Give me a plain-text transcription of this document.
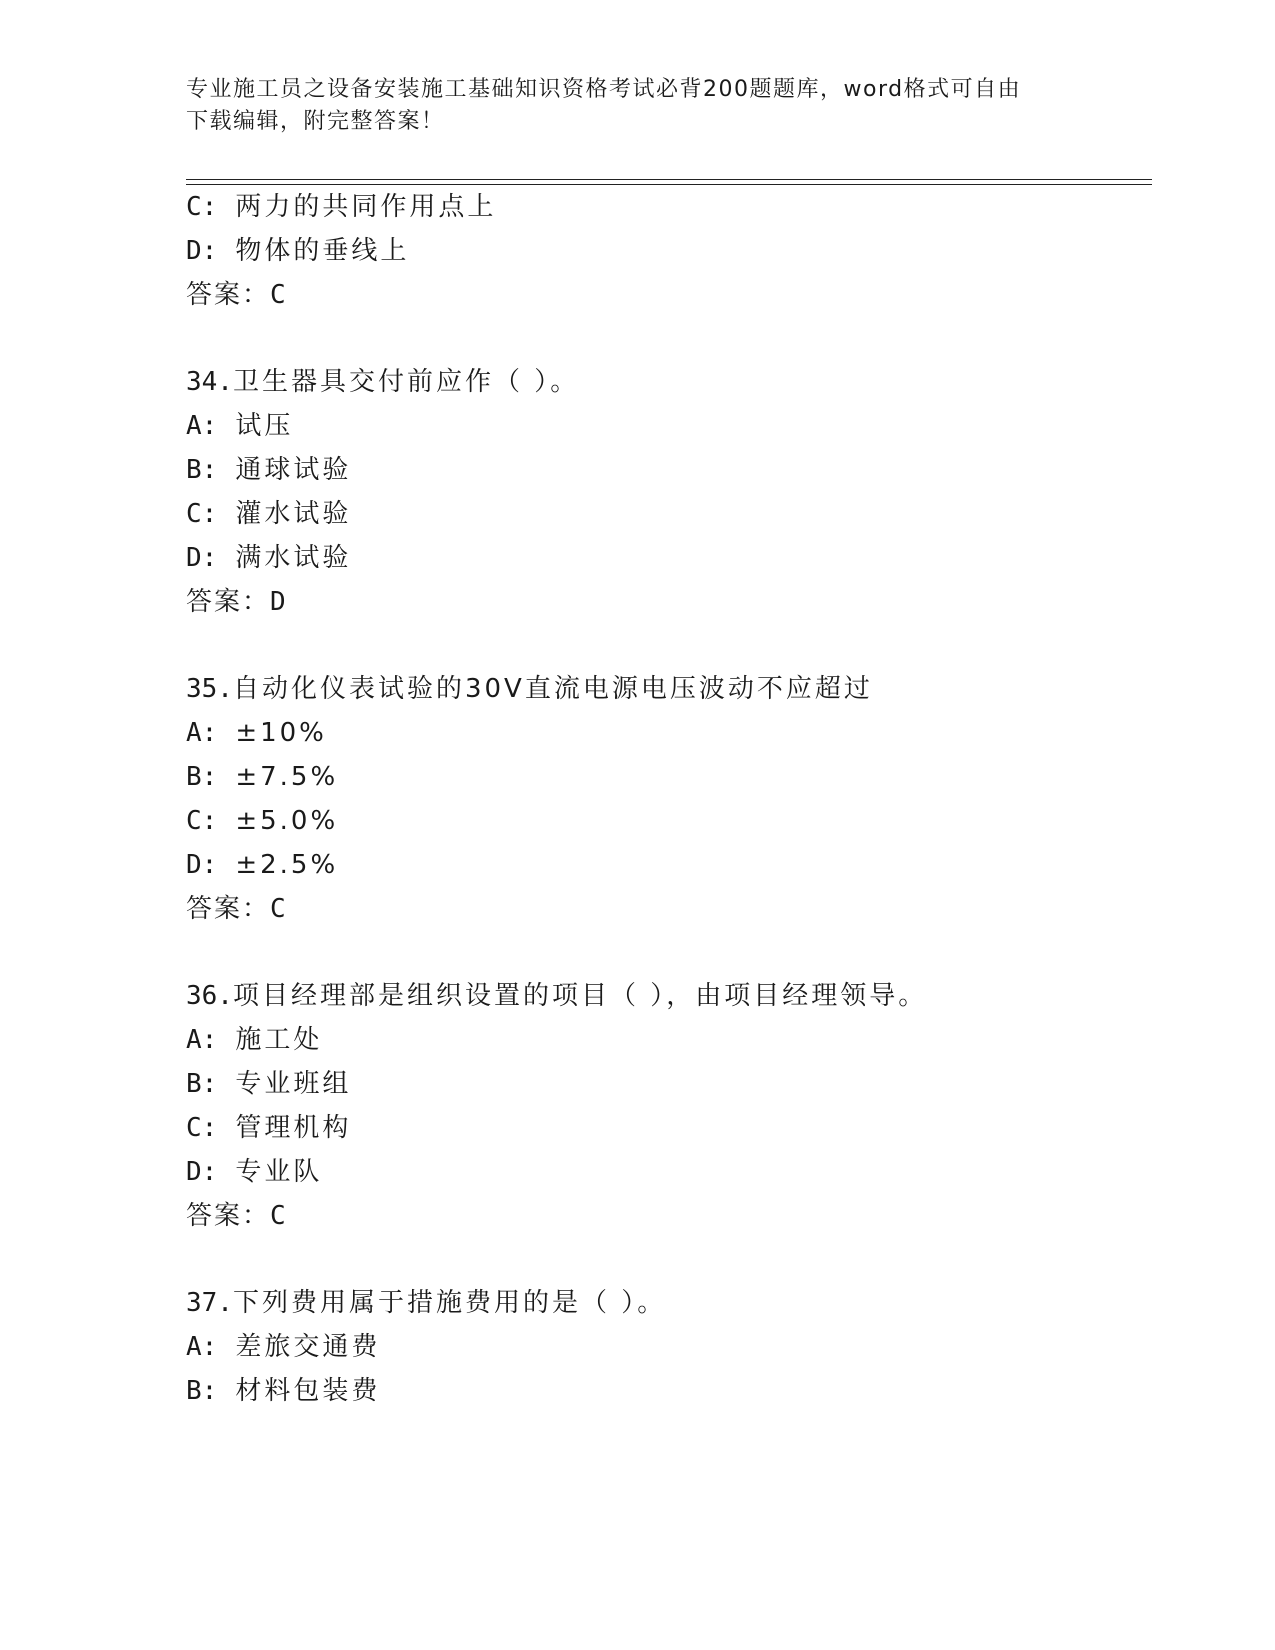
专业施工员之设备安装施工基础知识资格考试必背200题题库，word格式可自由
下载编辑，附完整答案！
C: 两力的共同作用点上
D: 物体的垂线上
答案：C
34.卫生器具交付前应作（ ）。
A: 试压
B: 通球试验
C: 灌水试验
D: 满水试验
答案：D
35.自动化仪表试验的30V直流电源电压波动不应超过
A: ±10%
B: ±7.5%
C: ±5.0%
D: ±2.5%
答案：C
36.项目经理部是组织设置的项目（ ），由项目经理领导。
A: 施工处
B: 专业班组
C: 管理机构
D: 专业队
答案：C
37.下列费用属于措施费用的是（ ）。
A: 差旅交通费
B: 材料包装费
